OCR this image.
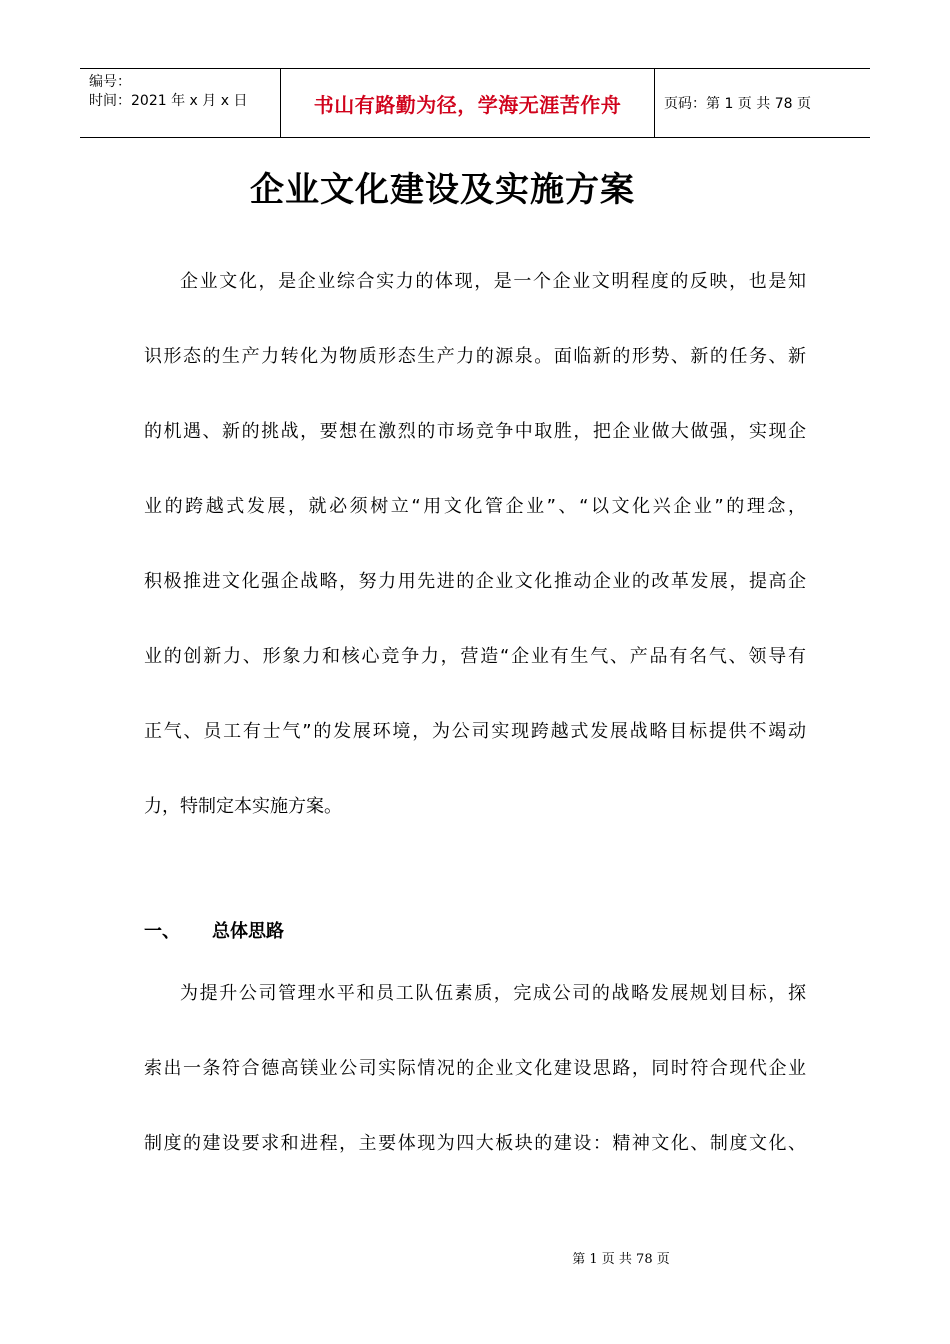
编号：
时间：2021 年 x 月 x 日	书山有路勤为径，学海无涯苦作舟	页码：第 1 页 共 78 页
企业文化建设及实施方案
企业文化，是企业综合实力的体现，是一个企业文明程度的反映，也是知
识形态的生产力转化为物质形态生产力的源泉。面临新的形势、新的任务、新
的机遇、新的挑战，要想在激烈的市场竞争中取胜，把企业做大做强，实现企
业的跨越式发展，就必须树立“用文化管企业”、“以文化兴企业”的理念，
积极推进文化强企战略，努力用先进的企业文化推动企业的改革发展，提高企
业的创新力、形象力和核心竞争力，营造“企业有生气、产品有名气、领导有
正气、员工有士气”的发展环境，为公司实现跨越式发展战略目标提供不竭动
力，特制定本实施方案。
一、	总体思路
为提升公司管理水平和员工队伍素质，完成公司的战略发展规划目标，探
索出一条符合德高镁业公司实际情况的企业文化建设思路，同时符合现代企业
制度的建设要求和进程，主要体现为四大板块的建设：精神文化、制度文化、
第 1 页 共 78 页
